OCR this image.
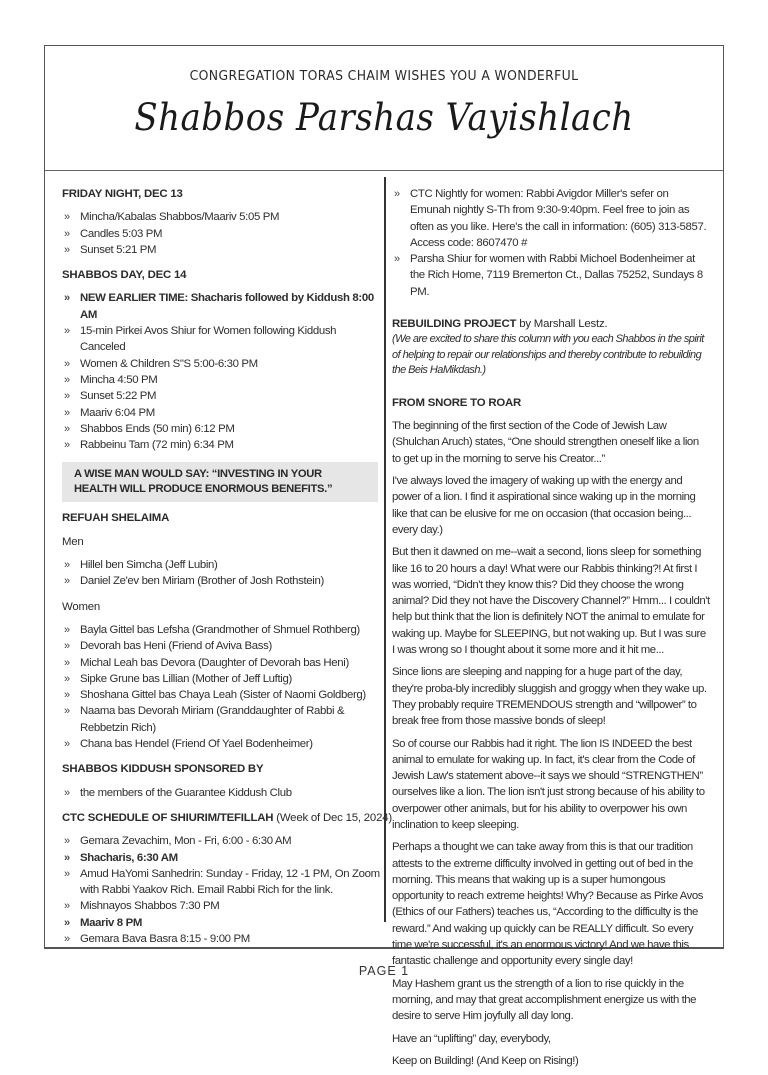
CONGREGATION TORAS CHAIM WISHES YOU A WONDERFUL
Shabbos Parshas Vayishlach
FRIDAY NIGHT, DEC 13
» Mincha/Kabalas Shabbos/Maariv 5:05 PM
» Candles 5:03 PM
» Sunset 5:21 PM
SHABBOS DAY, DEC 14
» NEW EARLIER TIME: Shacharis followed by Kiddush 8:00 AM
» 15-min Pirkei Avos Shiur for Women following Kiddush Canceled
» Women & Children S"S 5:00-6:30 PM
» Mincha 4:50 PM
» Sunset 5:22 PM
» Maariv 6:04 PM
» Shabbos Ends (50 min) 6:12 PM
» Rabbeinu Tam (72 min) 6:34 PM
A WISE MAN WOULD SAY: “INVESTING IN YOUR HEALTH WILL PRODUCE ENORMOUS BENEFITS.”
REFUAH SHELAIMA
Men
» Hillel ben Simcha (Jeff Lubin)
» Daniel Ze'ev ben Miriam (Brother of Josh Rothstein)
Women
» Bayla Gittel bas Lefsha (Grandmother of Shmuel Rothberg)
» Devorah bas Heni (Friend of Aviva Bass)
» Michal Leah bas Devora (Daughter of Devorah bas Heni)
» Sipke Grune bas Lillian (Mother of Jeff Luftig)
» Shoshana Gittel bas Chaya Leah (Sister of Naomi Goldberg)
» Naama bas Devorah Miriam (Granddaughter of Rabbi & Rebbetzin Rich)
» Chana bas Hendel (Friend Of Yael Bodenheimer)
SHABBOS KIDDUSH SPONSORED BY
» the members of the Guarantee Kiddush Club
CTC SCHEDULE OF SHIURIM/TEFILLAH (Week of Dec 15, 2024)
» Gemara Zevachim, Mon - Fri, 6:00 - 6:30 AM
» Shacharis, 6:30 AM
» Amud HaYomi Sanhedrin: Sunday - Friday, 12 -1 PM, On Zoom with Rabbi Yaakov Rich. Email Rabbi Rich for the link.
» Mishnayos Shabbos 7:30 PM
» Maariv 8 PM
» Gemara Bava Basra 8:15 - 9:00 PM
» CTC Nightly for women: Rabbi Avigdor Miller's sefer on Emunah nightly S-Th from 9:30-9:40pm. Feel free to join as often as you like. Here's the call in information: (605) 313-5857. Access code: 8607470 #
» Parsha Shiur for women with Rabbi Michoel Bodenheimer at the Rich Home, 7119 Bremerton Ct., Dallas 75252, Sundays 8 PM.
REBUILDING PROJECT by Marshall Lestz.
(We are excited to share this column with you each Shabbos in the spirit of helping to repair our relationships and thereby contribute to rebuilding the Beis HaMikdash.)
FROM SNORE TO ROAR
The beginning of the first section of the Code of Jewish Law (Shulchan Aruch) states, “One should strengthen oneself like a lion to get up in the morning to serve his Creator...”
I've always loved the imagery of waking up with the energy and power of a lion. I find it aspirational since waking up in the morning like that can be elusive for me on occasion (that occasion being... every day.)
But then it dawned on me--wait a second, lions sleep for something like 16 to 20 hours a day! What were our Rabbis thinking?! At first I was worried, “Didn't they know this? Did they choose the wrong animal? Did they not have the Discovery Channel?” Hmm... I couldn't help but think that the lion is definitely NOT the animal to emulate for waking up. Maybe for SLEEPING, but not waking up. But I was sure I was wrong so I thought about it some more and it hit me...
Since lions are sleeping and napping for a huge part of the day, they're proba-bly incredibly sluggish and groggy when they wake up. They probably require TREMENDOUS strength and “willpower” to break free from those massive bonds of sleep!
So of course our Rabbis had it right. The lion IS INDEED the best animal to emulate for waking up. In fact, it's clear from the Code of Jewish Law's statement above--it says we should “STRENGTHEN” ourselves like a lion. The lion isn't just strong because of his ability to overpower other animals, but for his ability to overpower his own inclination to keep sleeping.
Perhaps a thought we can take away from this is that our tradition attests to the extreme difficulty involved in getting out of bed in the morning. This means that waking up is a super humongous opportunity to reach extreme heights! Why? Because as Pirke Avos (Ethics of our Fathers) teaches us, “According to the difficulty is the reward.” And waking up quickly can be REALLY difficult. So every time we're successful, it's an enormous victory! And we have this fantastic challenge and opportunity every single day!
May Hashem grant us the strength of a lion to rise quickly in the morning, and may that great accomplishment energize us with the desire to serve Him joyfully all day long.
Have an “uplifting” day, everybody,
Keep on Building! (And Keep on Rising!)
PAGE 1
